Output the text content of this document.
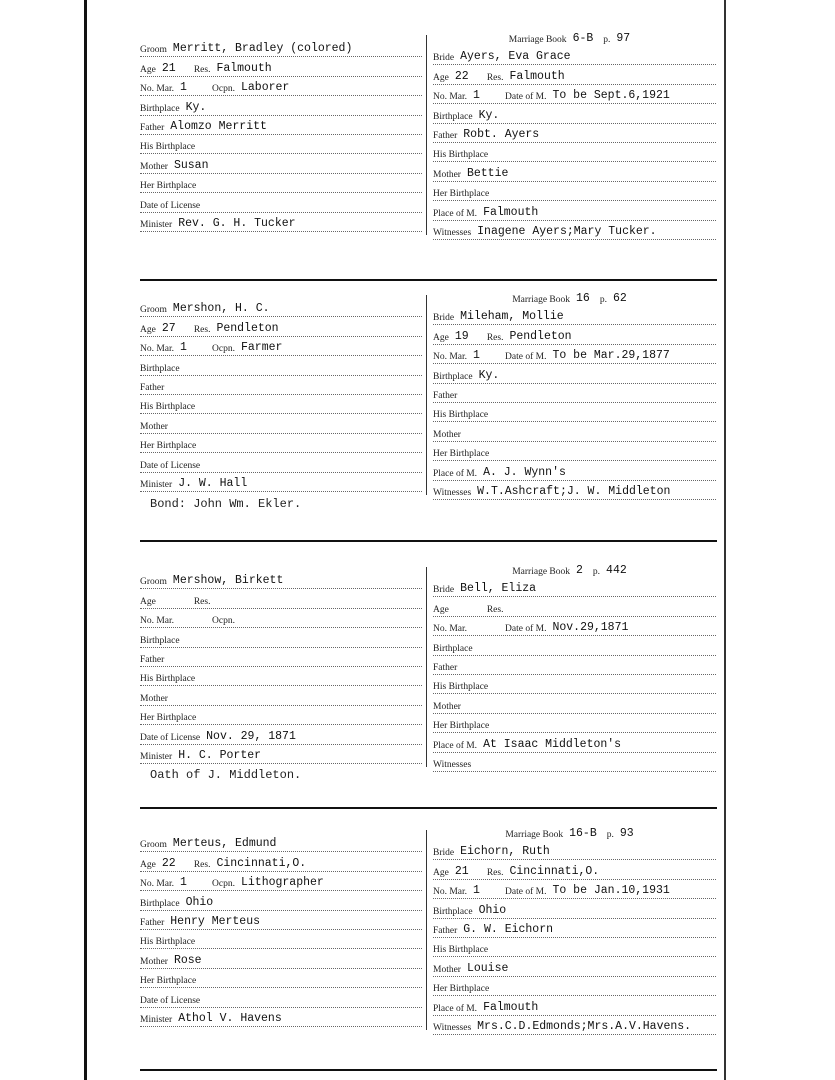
Groom Merritt, Bradley (colored)
Age 21	Res. Falmouth
No. Mar. 1	Ocpn. Laborer
Birthplace Ky.
Father Alomzo Merritt
His Birthplace
Mother Susan
Her Birthplace
Date of License
Minister Rev. G. H. Tucker
Marriage Book 6-B p. 97
Bride Ayers, Eva Grace
Age 22	Res. Falmouth
No. Mar. 1	Date of M. To be Sept.6,1921
Birthplace Ky.
Father Robt. Ayers
His Birthplace
Mother Bettie
Her Birthplace
Place of M. Falmouth
Witnesses Inagene Ayers;Mary Tucker.
Groom Mershon, H. C.
Age 27	Res. Pendleton
No. Mar. 1	Ocpn. Farmer
Birthplace
Father
His Birthplace
Mother
Her Birthplace
Date of License
Minister J. W. Hall
Marriage Book 16 p. 62
Bride Mileham, Mollie
Age 19	Res. Pendleton
No. Mar. 1	Date of M. To be Mar.29,1877
Birthplace Ky.
Father
His Birthplace
Mother
Her Birthplace
Place of M. A. J. Wynn's
Witnesses W.T.Ashcraft;J. W. Middleton
Bond: John Wm. Ekler.
Groom Mershow, Birkett
Age	Res.
No. Mar.	Ocpn.
Birthplace
Father
His Birthplace
Mother
Her Birthplace
Date of License Nov. 29, 1871
Minister H. C. Porter
Marriage Book 2 p. 442
Bride Bell, Eliza
Age	Res.
No. Mar.	Date of M. Nov.29,1871
Birthplace
Father
His Birthplace
Mother
Her Birthplace
Place of M. At Isaac Middleton's
Witnesses
Oath of J. Middleton.
Groom Merteus, Edmund
Age 22	Res. Cincinnati,O.
No. Mar. 1	Ocpn. Lithographer
Birthplace Ohio
Father Henry Merteus
His Birthplace
Mother Rose
Her Birthplace
Date of License
Minister Athol V. Havens
Marriage Book 16-B p. 93
Bride Eichorn, Ruth
Age 21	Res. Cincinnati,O.
No. Mar. 1	Date of M. To be Jan.10,1931
Birthplace Ohio
Father G. W. Eichorn
His Birthplace
Mother Louise
Her Birthplace
Place of M. Falmouth
Witnesses Mrs.C.D.Edmonds;Mrs.A.V.Havens.
